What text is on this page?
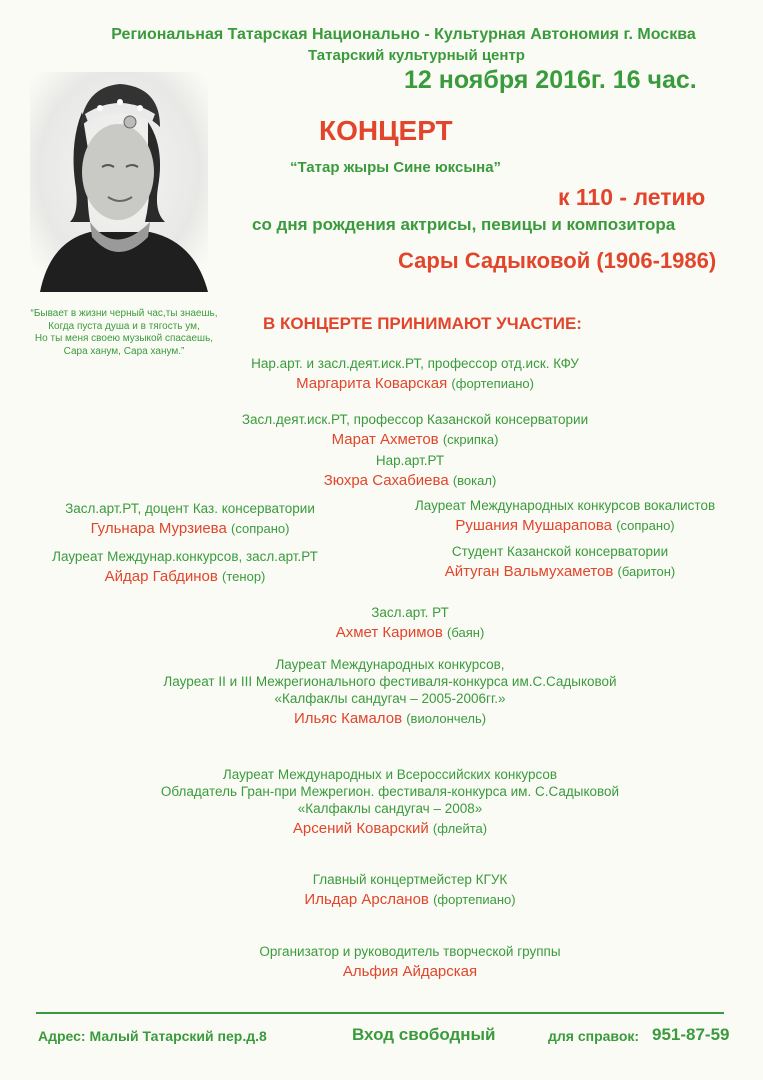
Региональная Татарская Национально - Культурная Автономия г. Москва
Татарский культурный центр
12 ноября 2016г. 16 час.
КОНЦЕРТ
“Татар жыры Сине юксына”
к 110 - летию
со дня рождения актрисы, певицы и композитора
Сары Садыковой (1906-1986)
“Бывает в жизни черный час,ты знаешь,
Когда пуста душа и в тягость ум,
Но ты меня своею музыкой спасаешь,
Сара ханум, Сара ханум.”
В КОНЦЕРТЕ ПРИНИМАЮТ УЧАСТИЕ:
Нар.арт. и засл.деят.иск.РТ, профессор отд.иск. КФУ
Маргарита Коварская (фортепиано)
Засл.деят.иск.РТ, профессор Казанской консерватории
Марат Ахметов (скрипка)
Нар.арт.РТ
Зюхра Сахабиева (вокал)
Засл.арт.РТ, доцент Каз. консерватории
Гульнара Мурзиева (сопрано)
Лауреат Международных конкурсов вокалистов
Рушания Мушарапова (сопрано)
Лауреат Междунар.конкурсов, засл.арт.РТ
Айдар Габдинов (тенор)
Студент Казанской консерватории
Айтуган Вальмухаметов (баритон)
Засл.арт. РТ
Ахмет Каримов (баян)
Лауреат Международных конкурсов,
Лауреат II и III Межрегионального фестиваля-конкурса им.С.Садыковой
«Калфаклы сандугач – 2005-2006гг.»
Ильяс Камалов (виолончель)
Лауреат Международных и Всероссийских конкурсов
Обладатель Гран-при Межрегион. фестиваля-конкурса им. С.Садыковой
«Калфаклы сандугач – 2008»
Арсений Коварский (флейта)
Главный концертмейстер КГУК
Ильдар Арсланов (фортепиано)
Организатор и руководитель творческой группы
Альфия Айдарская
Адрес: Малый Татарский пер.д.8	Вход свободный	для справок: 951-87-59
